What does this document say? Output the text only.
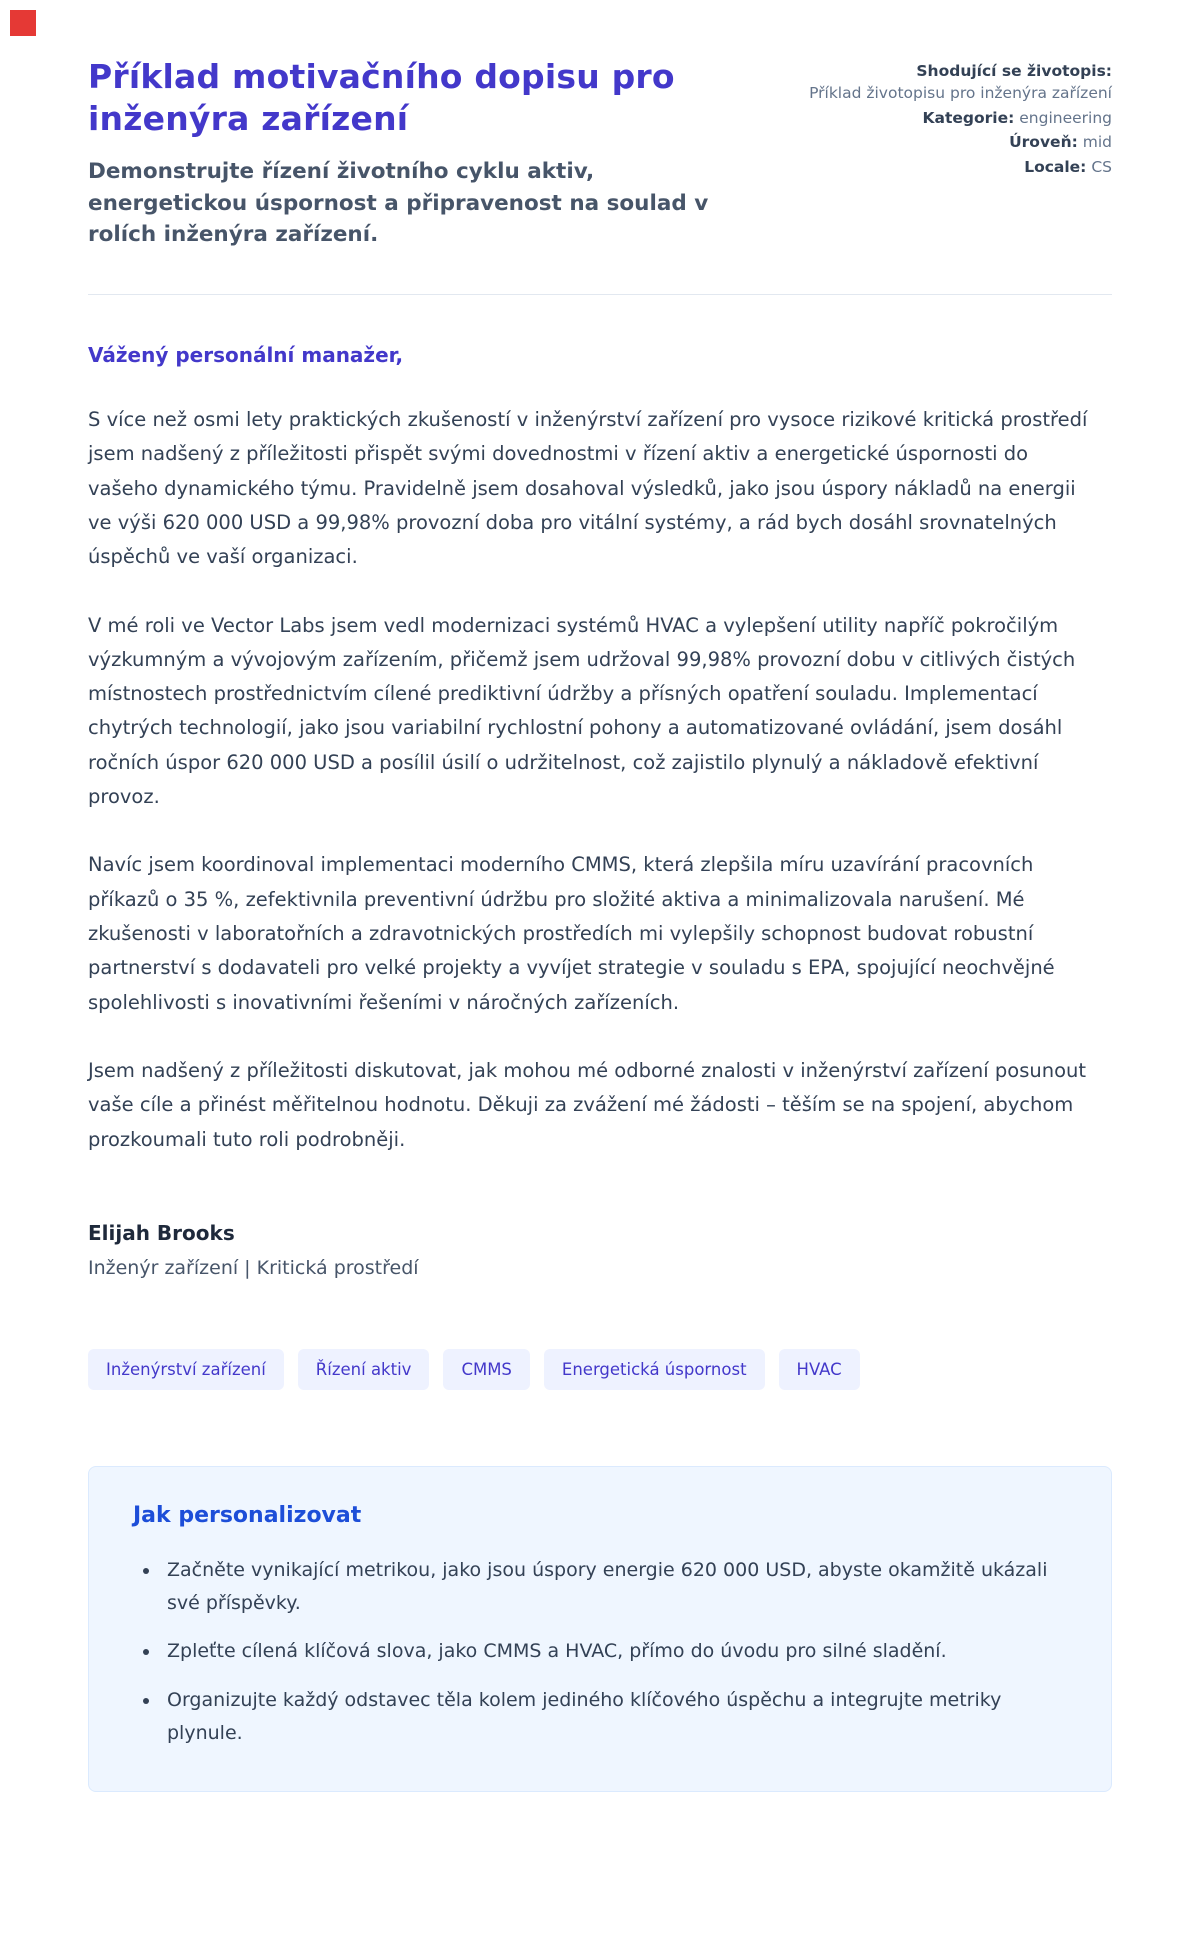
Příklad motivačního dopisu pro inženýra zařízení
Demonstrujte řízení životního cyklu aktiv, energetickou úspornost a připravenost na soulad v rolích inženýra zařízení.
Shodující se životopis:
Příklad životopisu pro inženýra zařízení
Kategorie: engineering
Úroveň: mid
Locale: CS
Vážený personální manažer,

S více než osmi lety praktických zkušeností v inženýrství zařízení pro vysoce rizikové kritická prostředí jsem nadšený z příležitosti přispět svými dovednostmi v řízení aktiv a energetické úspornosti do vašeho dynamického týmu. Pravidelně jsem dosahoval výsledků, jako jsou úspory nákladů na energii ve výši 620 000 USD a 99,98% provozní doba pro vitální systémy, a rád bych dosáhl srovnatelných úspěchů ve vaší organizaci.

V mé roli ve Vector Labs jsem vedl modernizaci systémů HVAC a vylepšení utility napříč pokročilým výzkumným a vývojovým zařízením, přičemž jsem udržoval 99,98% provozní dobu v citlivých čistých místnostech prostřednictvím cílené prediktivní údržby a přísných opatření souladu. Implementací chytrých technologií, jako jsou variabilní rychlostní pohony a automatizované ovládání, jsem dosáhl ročních úspor 620 000 USD a posílil úsilí o udržitelnost, což zajistilo plynulý a nákladově efektivní provoz.

Navíc jsem koordinoval implementaci moderního CMMS, která zlepšila míru uzavírání pracovních příkazů o 35 %, zefektivnila preventivní údržbu pro složité aktiva a minimalizovala narušení. Mé zkušenosti v laboratořních a zdravotnických prostředích mi vylepšily schopnost budovat robustní partnerství s dodavateli pro velké projekty a vyvíjet strategie v souladu s EPA, spojující neochvějné spolehlivosti s inovativními řešeními v náročných zařízeních.

Jsem nadšený z příležitosti diskutovat, jak mohou mé odborné znalosti v inženýrství zařízení posunout vaše cíle a přinést měřitelnou hodnotu. Děkuji za zvážení mé žádosti – těším se na spojení, abychom prozkoumali tuto roli podrobněji.

Elijah Brooks
Inženýr zařízení | Kritická prostředí
Inženýrství zařízení	Řízení aktiv	CMMS	Energetická úspornost	HVAC
Jak personalizovat
• Začněte vynikající metrikou, jako jsou úspory energie 620 000 USD, abyste okamžitě ukázali své příspěvky.
• Zpleťte cílená klíčová slova, jako CMMS a HVAC, přímo do úvodu pro silné sladění.
• Organizujte každý odstavec těla kolem jediného klíčového úspěchu a integrujte metriky plynule.
